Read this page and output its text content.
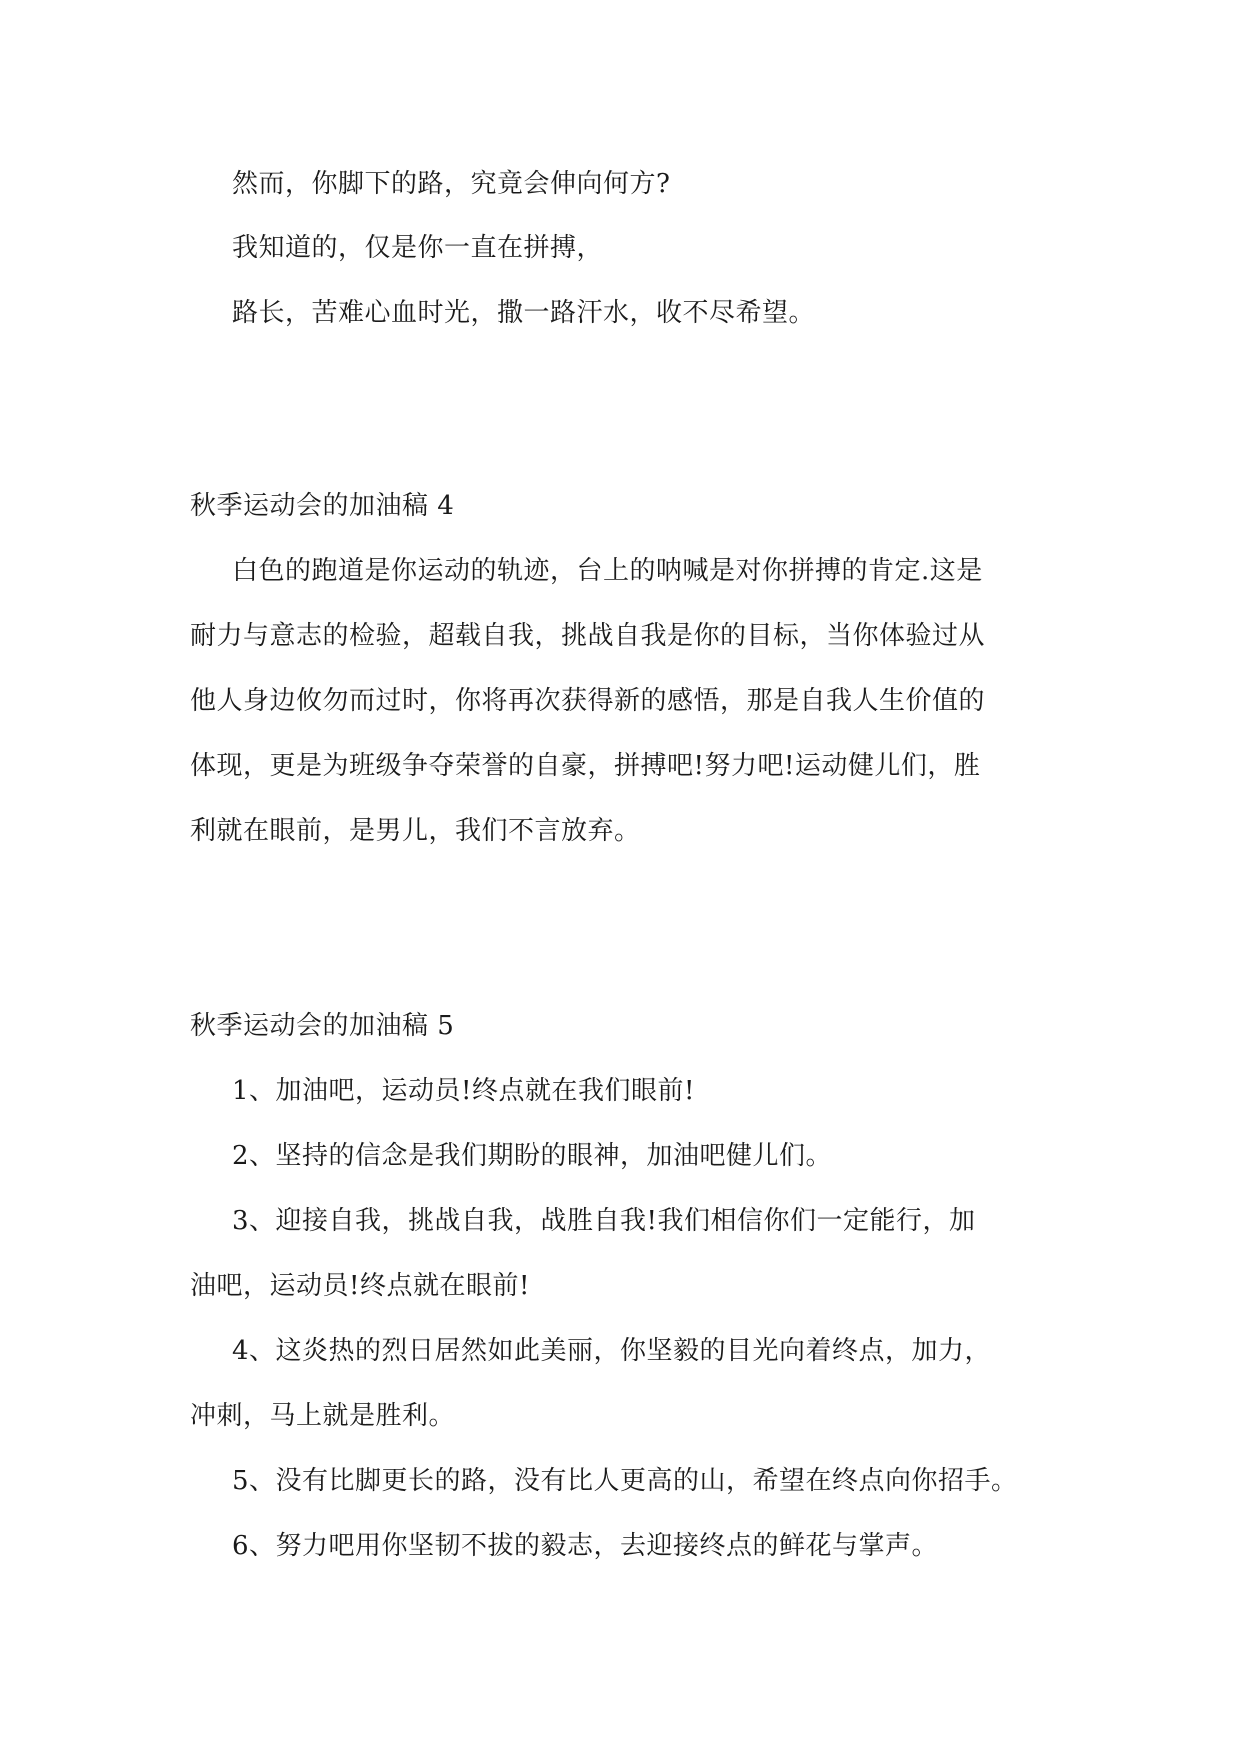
然而，你脚下的路，究竟会伸向何方?
我知道的，仅是你一直在拼搏，
路长，苦难心血时光，撒一路汗水，收不尽希望。
秋季运动会的加油稿 4
白色的跑道是你运动的轨迹，台上的呐喊是对你拼搏的肯定.这是
耐力与意志的检验，超载自我，挑战自我是你的目标，当你体验过从
他人身边攸勿而过时，你将再次获得新的感悟，那是自我人生价值的
体现，更是为班级争夺荣誉的自豪，拼搏吧!努力吧!运动健儿们，胜
利就在眼前，是男儿，我们不言放弃。
秋季运动会的加油稿 5
1、加油吧，运动员!终点就在我们眼前!
2、坚持的信念是我们期盼的眼神，加油吧健儿们。
3、迎接自我，挑战自我，战胜自我!我们相信你们一定能行，加
油吧，运动员!终点就在眼前!
4、这炎热的烈日居然如此美丽，你坚毅的目光向着终点，加力，
冲刺，马上就是胜利。
5、没有比脚更长的路，没有比人更高的山，希望在终点向你招手。
6、努力吧用你坚韧不拔的毅志，去迎接终点的鲜花与掌声。
